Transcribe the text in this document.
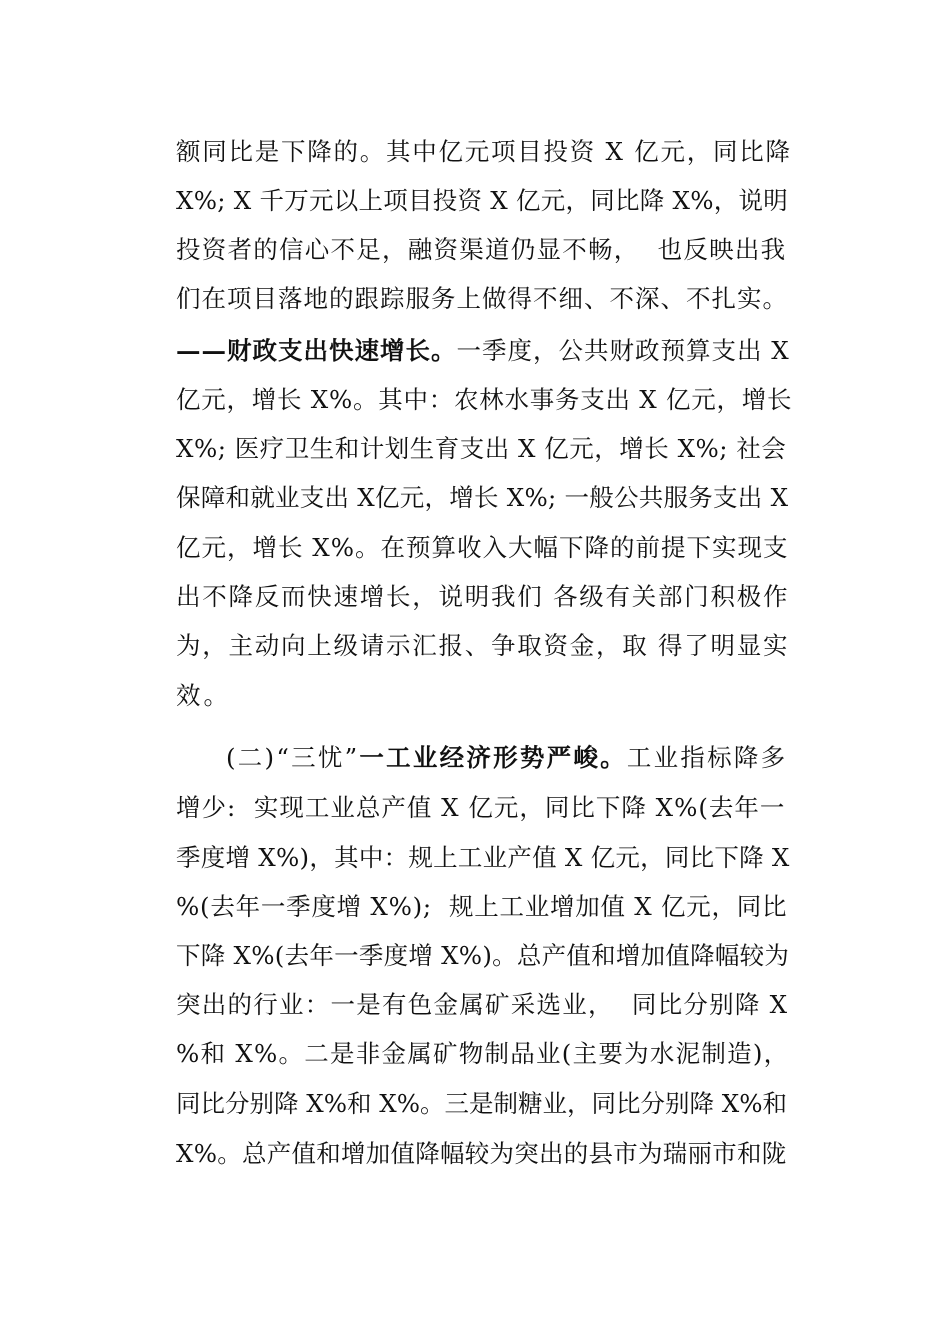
额同比是下降的。其中亿元项目投资 X 亿元，同比降
X%; X 千万元以上项目投资 X 亿元，同比降 X%，说明
投资者的信心不足，融资渠道仍显不畅，  也反映出我
们在项目落地的跟踪服务上做得不细、不深、不扎实。
——财政支出快速增长。一季度，公共财政预算支出 X
亿元，增长 X%。其中：农林水事务支出 X 亿元，增长
X%; 医疗卫生和计划生育支出 X 亿元，增长 X%; 社会
保障和就业支出 X亿元，增长 X%; 一般公共服务支出 X
亿元，增长 X%。在预算收入大幅下降的前提下实现支
出不降反而快速增长，说明我们 各级有关部门积极作
为，主动向上级请示汇报、争取资金，取 得了明显实
效。
(二)“三忧”一工业经济形势严峻。工业指标降多
增少:  实现工业总产值 X 亿元，同比下降 X%(去年一
季度增 X%)，其中：规上工业产值 X 亿元，同比下降 X
%(去年一季度增 X%);  规上工业增加值 X 亿元，同比
下降 X%(去年一季度增 X%)。总产值和增加值降幅较为
突出的行业：一是有色金属矿采选业，  同比分别降 X
%和 X%。二是非金属矿物制品业(主要为水泥制造)，
同比分别降 X%和 X%。三是制糖业，同比分别降 X%和
X%。总产值和增加值降幅较为突出的县市为瑞丽市和陇
